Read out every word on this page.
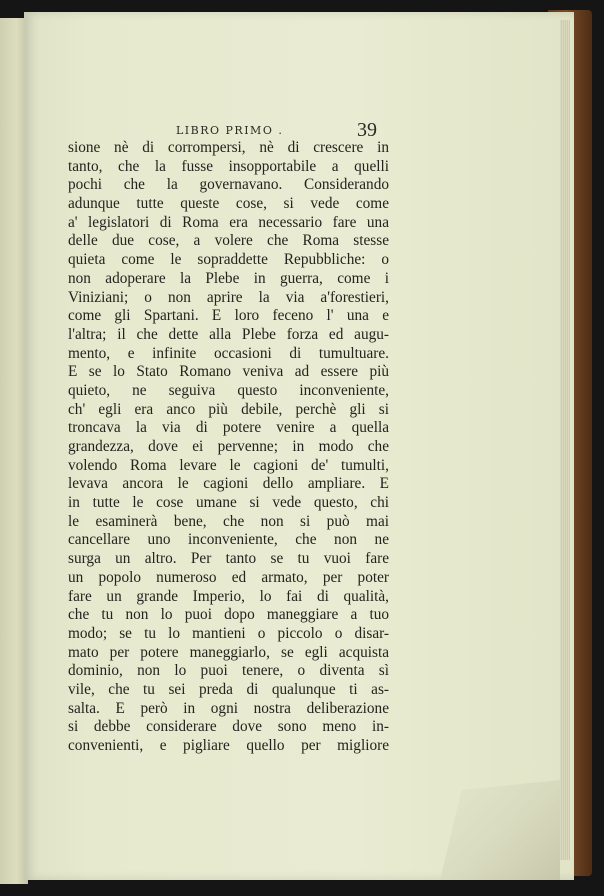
LIBRO PRIMO .	39
sione nè di corrompersi, nè di crescere in
tanto, che la fusse insopportabile a quelli
pochi che la governavano. Considerando
adunque tutte queste cose, si vede come
a' legislatori di Roma era necessario fare una
delle due cose, a volere che Roma stesse
quieta come le sopraddette Repubbliche: o
non adoperare la Plebe in guerra, come i
Viniziani; o non aprire la via a'forestieri,
come gli Spartani. E loro feceno l' una e
l'altra; il che dette alla Plebe forza ed augu-
mento, e infinite occasioni di tumultuare.
E se lo Stato Romano veniva ad essere più
quieto, ne seguiva questo inconveniente,
ch' egli era anco più debile, perchè gli si
troncava la via di potere venire a quella
grandezza, dove ei pervenne; in modo che
volendo Roma levare le cagioni de' tumulti,
levava ancora le cagioni dello ampliare. E
in tutte le cose umane si vede questo, chi
le esaminerà bene, che non si può mai
cancellare uno inconveniente, che non ne
surga un altro. Per tanto se tu vuoi fare
un popolo numeroso ed armato, per poter
fare un grande Imperio, lo fai di qualità,
che tu non lo puoi dopo maneggiare a tuo
modo; se tu lo mantieni o piccolo o disar-
mato per potere maneggiarlo, se egli acquista
dominio, non lo puoi tenere, o diventa sì
vile, che tu sei preda di qualunque ti as-
salta. E però in ogni nostra deliberazione
si debbe considerare dove sono meno in-
convenienti, e pigliare quello per migliore
